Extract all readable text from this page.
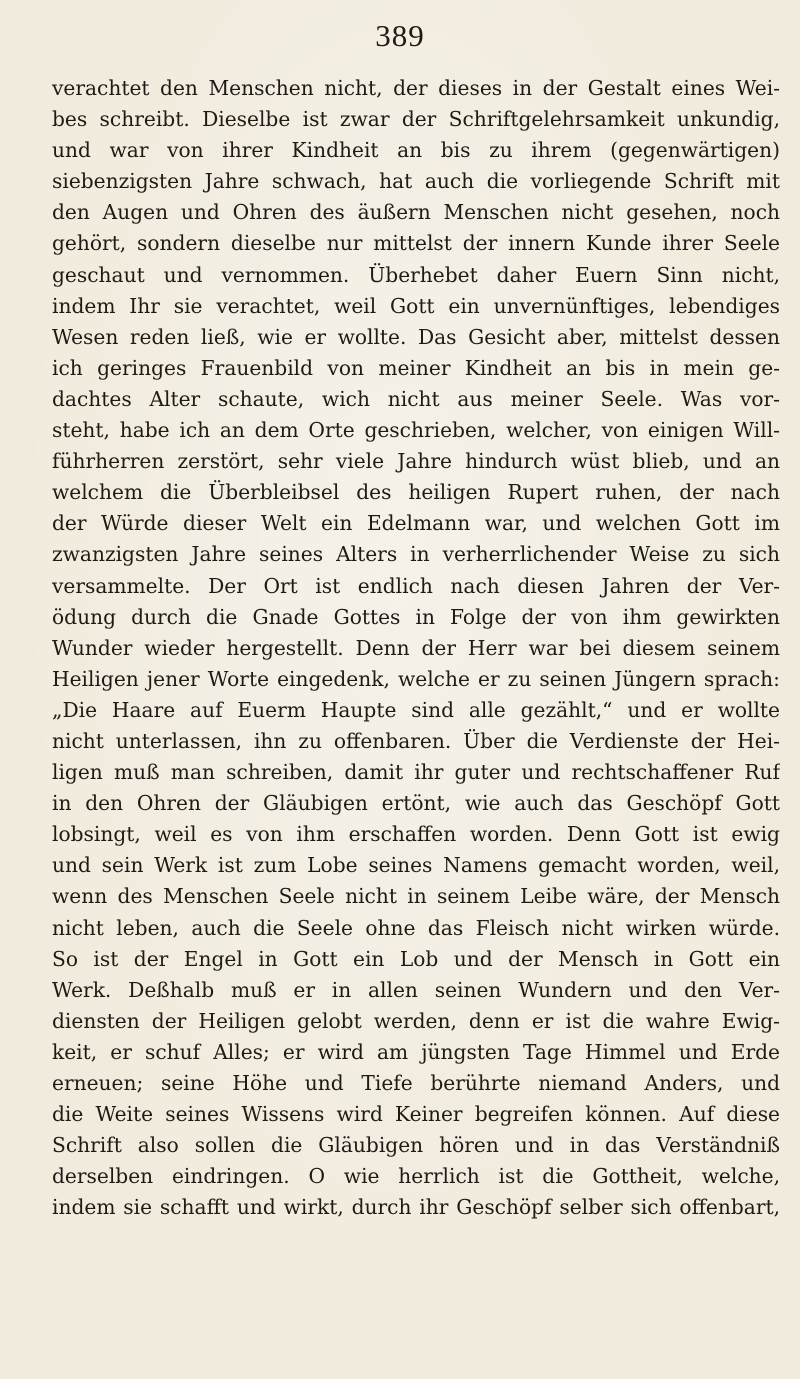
389
verachtet den Menschen nicht, der dieses in der Gestalt eines Wei-
bes schreibt. Dieselbe ist zwar der Schriftgelehrsamkeit unkundig,
und war von ihrer Kindheit an bis zu ihrem (gegenwärtigen)
siebenzigsten Jahre schwach, hat auch die vorliegende Schrift mit
den Augen und Ohren des äußern Menschen nicht gesehen, noch
gehört, sondern dieselbe nur mittelst der innern Kunde ihrer Seele
geschaut und vernommen. Überhebet daher Euern Sinn nicht,
indem Ihr sie verachtet, weil Gott ein unvernünftiges, lebendiges
Wesen reden ließ, wie er wollte. Das Gesicht aber, mittelst dessen
ich geringes Frauenbild von meiner Kindheit an bis in mein ge-
dachtes Alter schaute, wich nicht aus meiner Seele. Was vor-
steht, habe ich an dem Orte geschrieben, welcher, von einigen Will-
führherren zerstört, sehr viele Jahre hindurch wüst blieb, und an
welchem die Überbleibsel des heiligen Rupert ruhen, der nach
der Würde dieser Welt ein Edelmann war, und welchen Gott im
zwanzigsten Jahre seines Alters in verherrlichender Weise zu sich
versammelte. Der Ort ist endlich nach diesen Jahren der Ver-
ödung durch die Gnade Gottes in Folge der von ihm gewirkten
Wunder wieder hergestellt. Denn der Herr war bei diesem seinem
Heiligen jener Worte eingedenk, welche er zu seinen Jüngern sprach:
„Die Haare auf Euerm Haupte sind alle gezählt,“ und er wollte
nicht unterlassen, ihn zu offenbaren. Über die Verdienste der Hei-
ligen muß man schreiben, damit ihr guter und rechtschaffener Ruf
in den Ohren der Gläubigen ertönt, wie auch das Geschöpf Gott
lobsingt, weil es von ihm erschaffen worden. Denn Gott ist ewig
und sein Werk ist zum Lobe seines Namens gemacht worden, weil,
wenn des Menschen Seele nicht in seinem Leibe wäre, der Mensch
nicht leben, auch die Seele ohne das Fleisch nicht wirken würde.
So ist der Engel in Gott ein Lob und der Mensch in Gott ein
Werk. Deßhalb muß er in allen seinen Wundern und den Ver-
diensten der Heiligen gelobt werden, denn er ist die wahre Ewig-
keit, er schuf Alles; er wird am jüngsten Tage Himmel und Erde
erneuen; seine Höhe und Tiefe berührte niemand Anders, und
die Weite seines Wissens wird Keiner begreifen können. Auf diese
Schrift also sollen die Gläubigen hören und in das Verständniß
derselben eindringen. O wie herrlich ist die Gottheit, welche,
indem sie schafft und wirkt, durch ihr Geschöpf selber sich offenbart,
